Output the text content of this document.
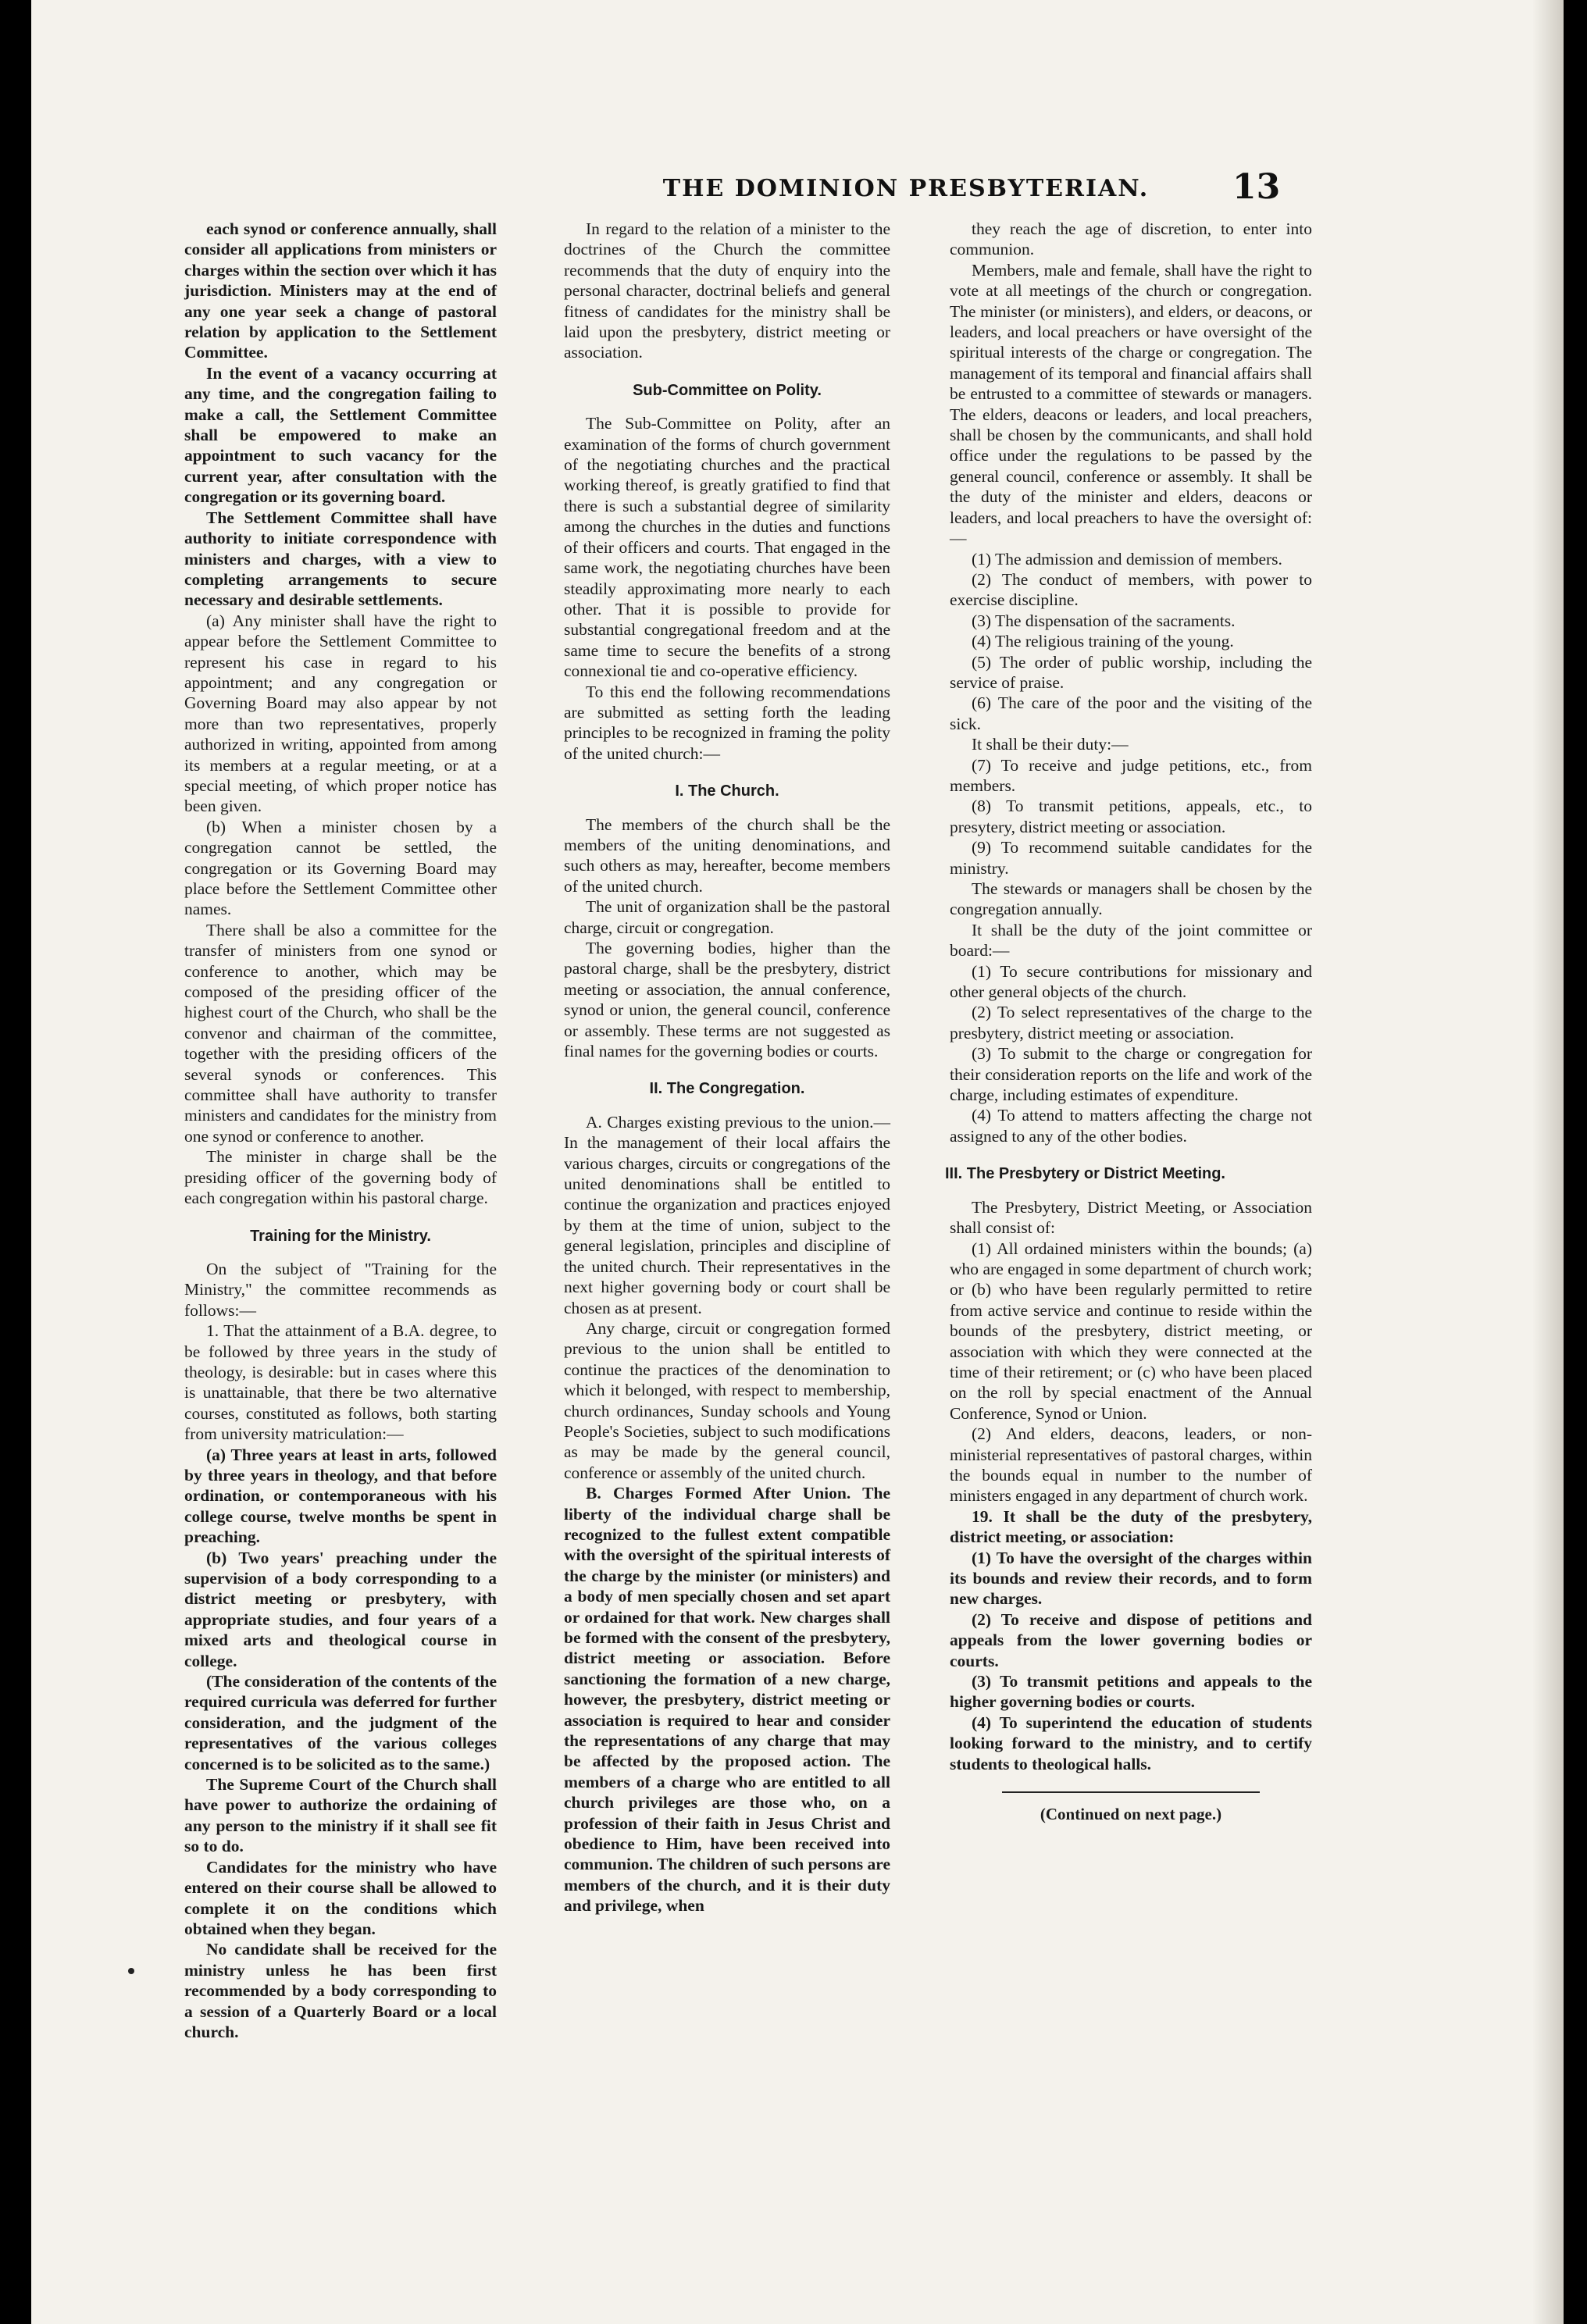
THE DOMINION PRESBYTERIAN.	13

each synod or conference annually, shall consider all applications from ministers or charges within the section over which it has jurisdiction. Ministers may at the end of any one year seek a change of pastoral relation by application to the Settlement Committee.

In the event of a vacancy occurring at any time, and the congregation failing to make a call, the Settlement Committee shall be empowered to make an appointment to such vacancy for the current year, after consultation with the congregation or its governing board.

The Settlement Committee shall have authority to initiate correspondence with ministers and charges, with a view to completing arrangements to secure necessary and desirable settlements.

(a) Any minister shall have the right to appear before the Settlement Committee to represent his case in regard to his appointment; and any congregation or Governing Board may also appear by not more than two representatives, properly authorized in writing, appointed from among its members at a regular meeting, or at a special meeting, of which proper notice has been given.

(b) When a minister chosen by a congregation cannot be settled, the congregation or its Governing Board may place before the Settlement Committee other names.

There shall be also a committee for the transfer of ministers from one synod or conference to another, which may be composed of the presiding officer of the highest court of the Church, who shall be the convenor and chairman of the committee, together with the presiding officers of the several synods or conferences. This committee shall have authority to transfer ministers and candidates for the ministry from one synod or conference to another.

The minister in charge shall be the presiding officer of the governing body of each congregation within his pastoral charge.

Training for the Ministry.

On the subject of "Training for the Ministry," the committee recommends as follows:—

1. That the attainment of a B.A. degree, to be followed by three years in the study of theology, is desirable: but in cases where this is unattainable, that there be two alternative courses, constituted as follows, both starting from university matriculation:—

(a) Three years at least in arts, followed by three years in theology, and that before ordination, or contemporaneous with his college course, twelve months be spent in preaching.

(b) Two years' preaching under the supervision of a body corresponding to a district meeting or presbytery, with appropriate studies, and four years of a mixed arts and theological course in college.

(The consideration of the contents of the required curricula was deferred for further consideration, and the judgment of the representatives of the various colleges concerned is to be solicited as to the same.)

The Supreme Court of the Church shall have power to authorize the ordaining of any person to the ministry if it shall see fit so to do.

Candidates for the ministry who have entered on their course shall be allowed to complete it on the conditions which obtained when they began.

No candidate shall be received for the ministry unless he has been first recommended by a body corresponding to a session of a Quarterly Board or a local church.

In regard to the relation of a minister to the doctrines of the Church the committee recommends that the duty of enquiry into the personal character, doctrinal beliefs and general fitness of candidates for the ministry shall be laid upon the presbytery, district meeting or association.

Sub-Committee on Polity.

The Sub-Committee on Polity, after an examination of the forms of church government of the negotiating churches and the practical working thereof, is greatly gratified to find that there is such a substantial degree of similarity among the churches in the duties and functions of their officers and courts. That engaged in the same work, the negotiating churches have been steadily approximating more nearly to each other. That it is possible to provide for substantial congregational freedom and at the same time to secure the benefits of a strong connexional tie and co-operative efficiency.

To this end the following recommendations are submitted as setting forth the leading principles to be recognized in framing the polity of the united church:—

I. The Church.

The members of the church shall be the members of the uniting denominations, and such others as may, hereafter, become members of the united church.

The unit of organization shall be the pastoral charge, circuit or congregation.

The governing bodies, higher than the pastoral charge, shall be the presbytery, district meeting or association, the annual conference, synod or union, the general council, conference or assembly. These terms are not suggested as final names for the governing bodies or courts.

II. The Congregation.

A. Charges existing previous to the union.—In the management of their local affairs the various charges, circuits or congregations of the united denominations shall be entitled to continue the organization and practices enjoyed by them at the time of union, subject to the general legislation, principles and discipline of the united church. Their representatives in the next higher governing body or court shall be chosen as at present.

Any charge, circuit or congregation formed previous to the union shall be entitled to continue the practices of the denomination to which it belonged, with respect to membership, church ordinances, Sunday schools and Young People's Societies, subject to such modifications as may be made by the general council, conference or assembly of the united church.

B. Charges Formed After Union. The liberty of the individual charge shall be recognized to the fullest extent compatible with the oversight of the spiritual interests of the charge by the minister (or ministers) and a body of men specially chosen and set apart or ordained for that work. New charges shall be formed with the consent of the presbytery, district meeting or association. Before sanctioning the formation of a new charge, however, the presbytery, district meeting or association is required to hear and consider the representations of any charge that may be affected by the proposed action. The members of a charge who are entitled to all church privileges are those who, on a profession of their faith in Jesus Christ and obedience to Him, have been received into communion. The children of such persons are members of the church, and it is their duty and privilege, when

they reach the age of discretion, to enter into communion.

Members, male and female, shall have the right to vote at all meetings of the church or congregation. The minister (or ministers), and elders, or deacons, or leaders, and local preachers or have oversight of the spiritual interests of the charge or congregation. The management of its temporal and financial affairs shall be entrusted to a committee of stewards or managers. The elders, deacons or leaders, and local preachers, shall be chosen by the communicants, and shall hold office under the regulations to be passed by the general council, conference or assembly. It shall be the duty of the minister and elders, deacons or leaders, and local preachers to have the oversight of:—

(1) The admission and demission of members.

(2) The conduct of members, with power to exercise discipline.

(3) The dispensation of the sacraments.

(4) The religious training of the young.

(5) The order of public worship, including the service of praise.

(6) The care of the poor and the visiting of the sick.

It shall be their duty:—

(7) To receive and judge petitions, etc., from members.

(8) To transmit petitions, appeals, etc., to presytery, district meeting or association.

(9) To recommend suitable candidates for the ministry.

The stewards or managers shall be chosen by the congregation annually.

It shall be the duty of the joint committee or board:—

(1) To secure contributions for missionary and other general objects of the church.

(2) To select representatives of the charge to the presbytery, district meeting or association.

(3) To submit to the charge or congregation for their consideration reports on the life and work of the charge, including estimates of expenditure.

(4) To attend to matters affecting the charge not assigned to any of the other bodies.

III. The Presbytery or District Meeting.

The Presbytery, District Meeting, or Association shall consist of:

(1) All ordained ministers within the bounds; (a) who are engaged in some department of church work; or (b) who have been regularly permitted to retire from active service and continue to reside within the bounds of the presbytery, district meeting, or association with which they were connected at the time of their retirement; or (c) who have been placed on the roll by special enactment of the Annual Conference, Synod or Union.

(2) And elders, deacons, leaders, or non-ministerial representatives of pastoral charges, within the bounds equal in number to the number of ministers engaged in any department of church work.

19. It shall be the duty of the presbytery, district meeting, or association:

(1) To have the oversight of the charges within its bounds and review their records, and to form new charges.

(2) To receive and dispose of petitions and appeals from the lower governing bodies or courts.

(3) To transmit petitions and appeals to the higher governing bodies or courts.

(4) To superintend the education of students looking forward to the ministry, and to certify students to theological halls.

(Continued on next page.)
